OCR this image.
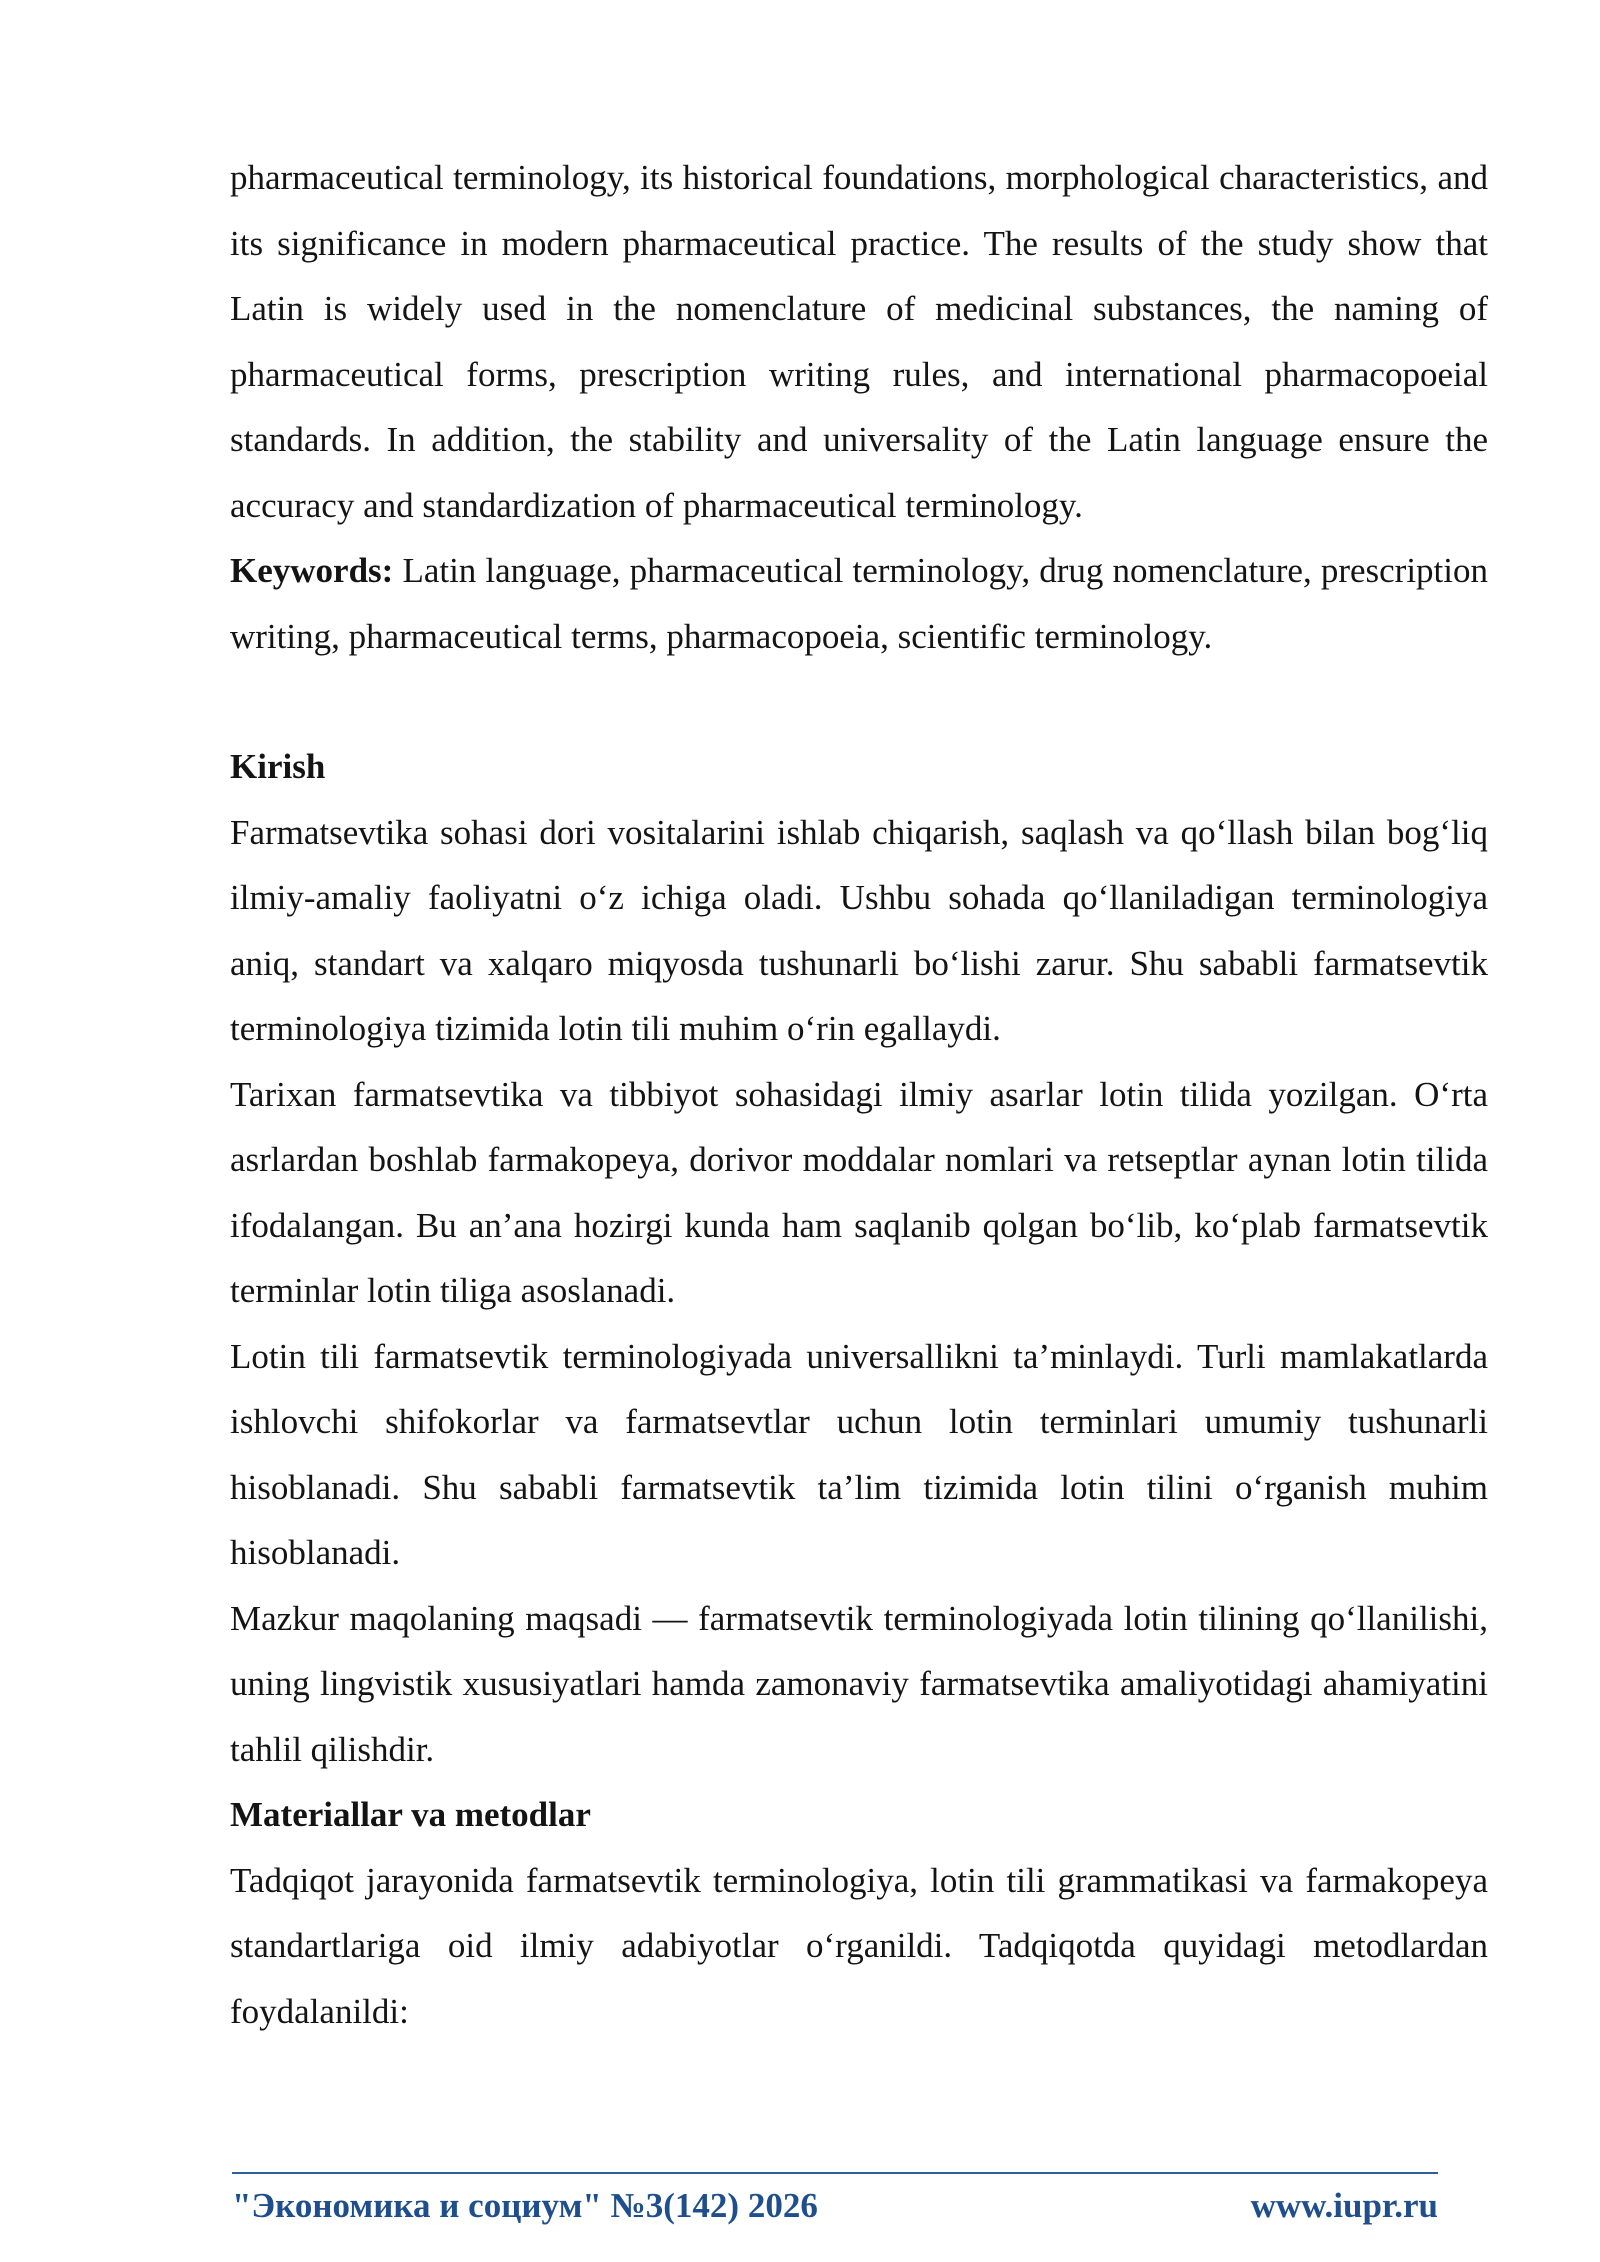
pharmaceutical terminology, its historical foundations, morphological characteristics, and its significance in modern pharmaceutical practice. The results of the study show that Latin is widely used in the nomenclature of medicinal substances, the naming of pharmaceutical forms, prescription writing rules, and international pharmacopoeial standards. In addition, the stability and universality of the Latin language ensure the accuracy and standardization of pharmaceutical terminology.

Keywords: Latin language, pharmaceutical terminology, drug nomenclature, prescription writing, pharmaceutical terms, pharmacopoeia, scientific terminology.

Kirish

Farmatsevtika sohasi dori vositalarini ishlab chiqarish, saqlash va qo‘llash bilan bog‘liq ilmiy-amaliy faoliyatni o‘z ichiga oladi. Ushbu sohada qo‘llaniladigan terminologiya aniq, standart va xalqaro miqyosda tushunarli bo‘lishi zarur. Shu sababli farmatsevtik terminologiya tizimida lotin tili muhim o‘rin egallaydi.

Tarixan farmatsevtika va tibbiyot sohasidagi ilmiy asarlar lotin tilida yozilgan. O‘rta asrlardan boshlab farmakopeya, dorivor moddalar nomlari va retseptlar aynan lotin tilida ifodalangan. Bu an’ana hozirgi kunda ham saqlanib qolgan bo‘lib, ko‘plab farmatsevtik terminlar lotin tiliga asoslanadi.

Lotin tili farmatsevtik terminologiyada universallikni ta’minlaydi. Turli mamlakatlarda ishlovchi shifokorlar va farmatsevtlar uchun lotin terminlari umumiy tushunarli hisoblanadi. Shu sababli farmatsevtik ta’lim tizimida lotin tilini o‘rganish muhim hisoblanadi.

Mazkur maqolaning maqsadi — farmatsevtik terminologiyada lotin tilining qo‘llanilishi, uning lingvistik xususiyatlari hamda zamonaviy farmatsevtika amaliyotidagi ahamiyatini tahlil qilishdir.

Materiallar va metodlar

Tadqiqot jarayonida farmatsevtik terminologiya, lotin tili grammatikasi va farmakopeya standartlariga oid ilmiy adabiyotlar o‘rganildi. Tadqiqotda quyidagi metodlardan foydalanildi:

"Экономика и социум" №3(142) 2026	www.iupr.ru
